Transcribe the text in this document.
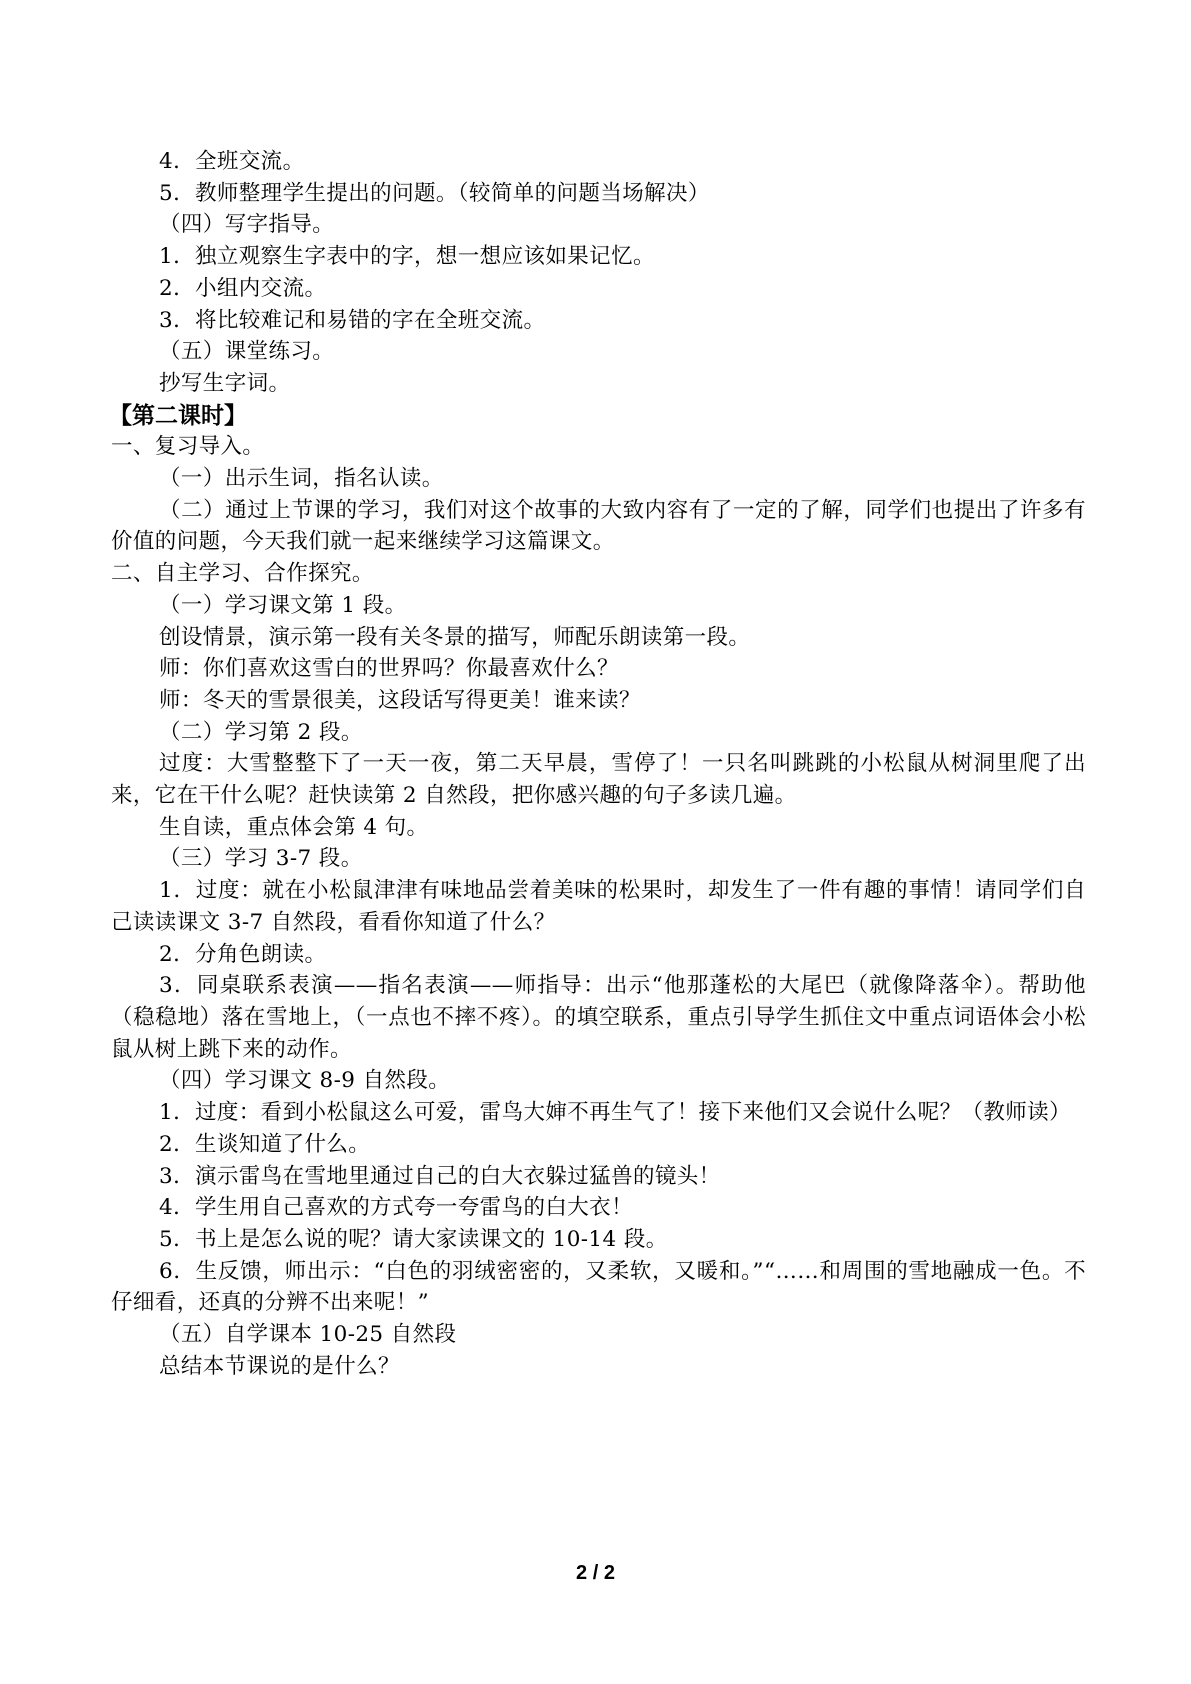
4．全班交流。
5．教师整理学生提出的问题。（较简单的问题当场解决）
（四）写字指导。
1．独立观察生字表中的字，想一想应该如果记忆。
2．小组内交流。
3．将比较难记和易错的字在全班交流。
（五）课堂练习。
抄写生字词。
【第二课时】
一、复习导入。
（一）出示生词，指名认读。
（二）通过上节课的学习，我们对这个故事的大致内容有了一定的了解，同学们也提出了许多有价值的问题，今天我们就一起来继续学习这篇课文。
二、自主学习、合作探究。
（一）学习课文第 1 段。
创设情景，演示第一段有关冬景的描写，师配乐朗读第一段。
师：你们喜欢这雪白的世界吗？你最喜欢什么？
师：冬天的雪景很美，这段话写得更美！谁来读？
（二）学习第 2 段。
过度：大雪整整下了一天一夜，第二天早晨，雪停了！一只名叫跳跳的小松鼠从树洞里爬了出来，它在干什么呢？赶快读第 2 自然段，把你感兴趣的句子多读几遍。
生自读，重点体会第 4 句。
（三）学习 3-7 段。
1．过度：就在小松鼠津津有味地品尝着美味的松果时，却发生了一件有趣的事情！请同学们自己读读课文 3-7 自然段，看看你知道了什么？
2．分角色朗读。
3．同桌联系表演——指名表演——师指导：出示“他那蓬松的大尾巴（就像降落伞）。帮助他（稳稳地）落在雪地上，（一点也不摔不疼）。的填空联系，重点引导学生抓住文中重点词语体会小松鼠从树上跳下来的动作。
（四）学习课文 8-9 自然段。
1．过度：看到小松鼠这么可爱，雷鸟大婶不再生气了！接下来他们又会说什么呢？（教师读）
2．生谈知道了什么。
3．演示雷鸟在雪地里通过自己的白大衣躲过猛兽的镜头！
4．学生用自己喜欢的方式夸一夸雷鸟的白大衣！
5．书上是怎么说的呢？请大家读课文的 10-14 段。
6．生反馈，师出示：“白色的羽绒密密的，又柔软，又暖和。”“……和周围的雪地融成一色。不仔细看，还真的分辨不出来呢！”
（五）自学课本 10-25 自然段
总结本节课说的是什么？
2 / 2
